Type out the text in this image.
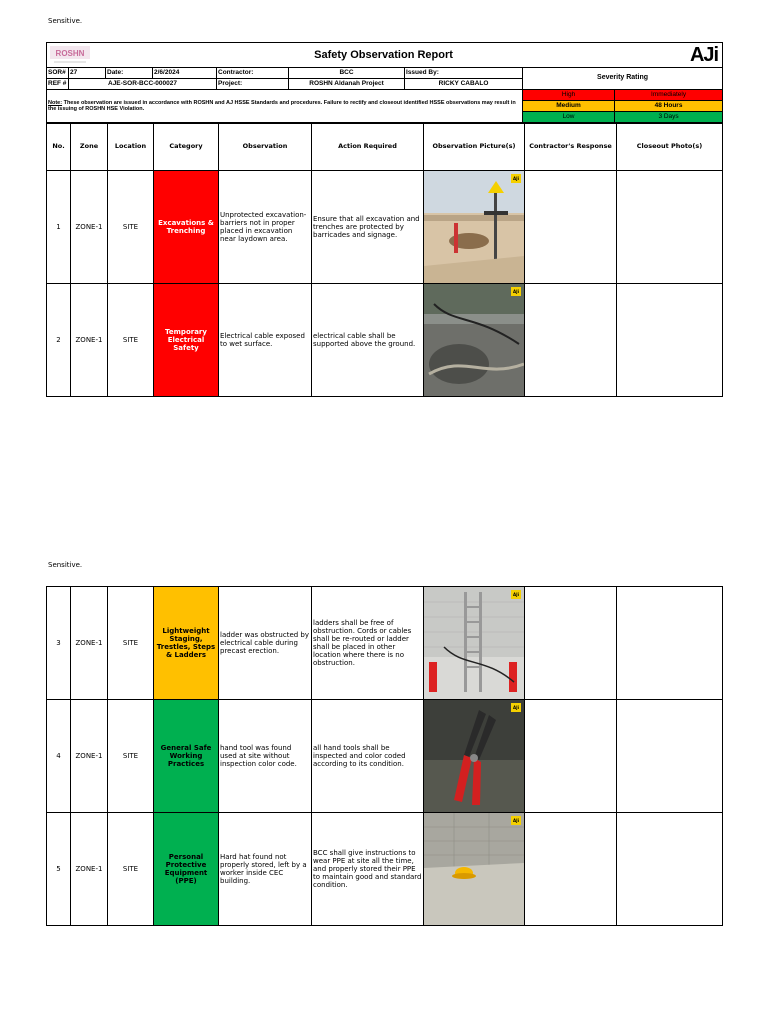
Sensitive.
ROSHN			Safety Observation Report					AJi
SOR#	27	Date:	2/6/2024	Contractor:	BCC	Issued By:	Severity Rating	
REF #	AJE-SOR-BCC-000027			Project:	ROSHN Aldanah Project	RICKY CABALO		
Note: These observation are issued in accordance with ROSHN and AJ HSSE Standards and procedures. Failure to rectify and closeout identified HSSE observations may result in the issuing of ROSHN HSE Violation.							High	Immediately
							Medium	48 Hours
							Low	3 Days
No.	Zone	Location	Category	Observation	Action Required	Observation Picture(s)	Contractor's Response	Closeout Photo(s)
1	ZONE-1	SITE	Excavations & Trenching	Unprotected excavation- barriers not in proper placed in excavation near laydown area.	Ensure that all excavation and trenches are protected by barricades and signage.	AJi		

2	ZONE-1	SITE	Temporary Electrical Safety	Electrical cable exposed to wet surface.	electrical cable shall be supported above the ground.	AJi		

Sensitive.
3	ZONE-1	SITE	Lightweight Staging, Trestles, Steps & Ladders	ladder was obstructed by electrical cable during precast erection.	ladders shall be free of obstruction. Cords or cables shall be re-routed or ladder shall be placed in other location where there is no obstruction.	AJi		

4	ZONE-1	SITE	General Safe Working Practices	hand tool was found used at site without inspection color code.	all hand tools shall be inspected and color coded according to its condition.	AJi		

5	ZONE-1	SITE	Personal Protective Equipment (PPE)	Hard hat found not properly stored, left by a worker inside CEC building.	BCC shall give instructions to wear PPE at site all the time, and properly stored their PPE to maintain good and standard condition.	AJi		
